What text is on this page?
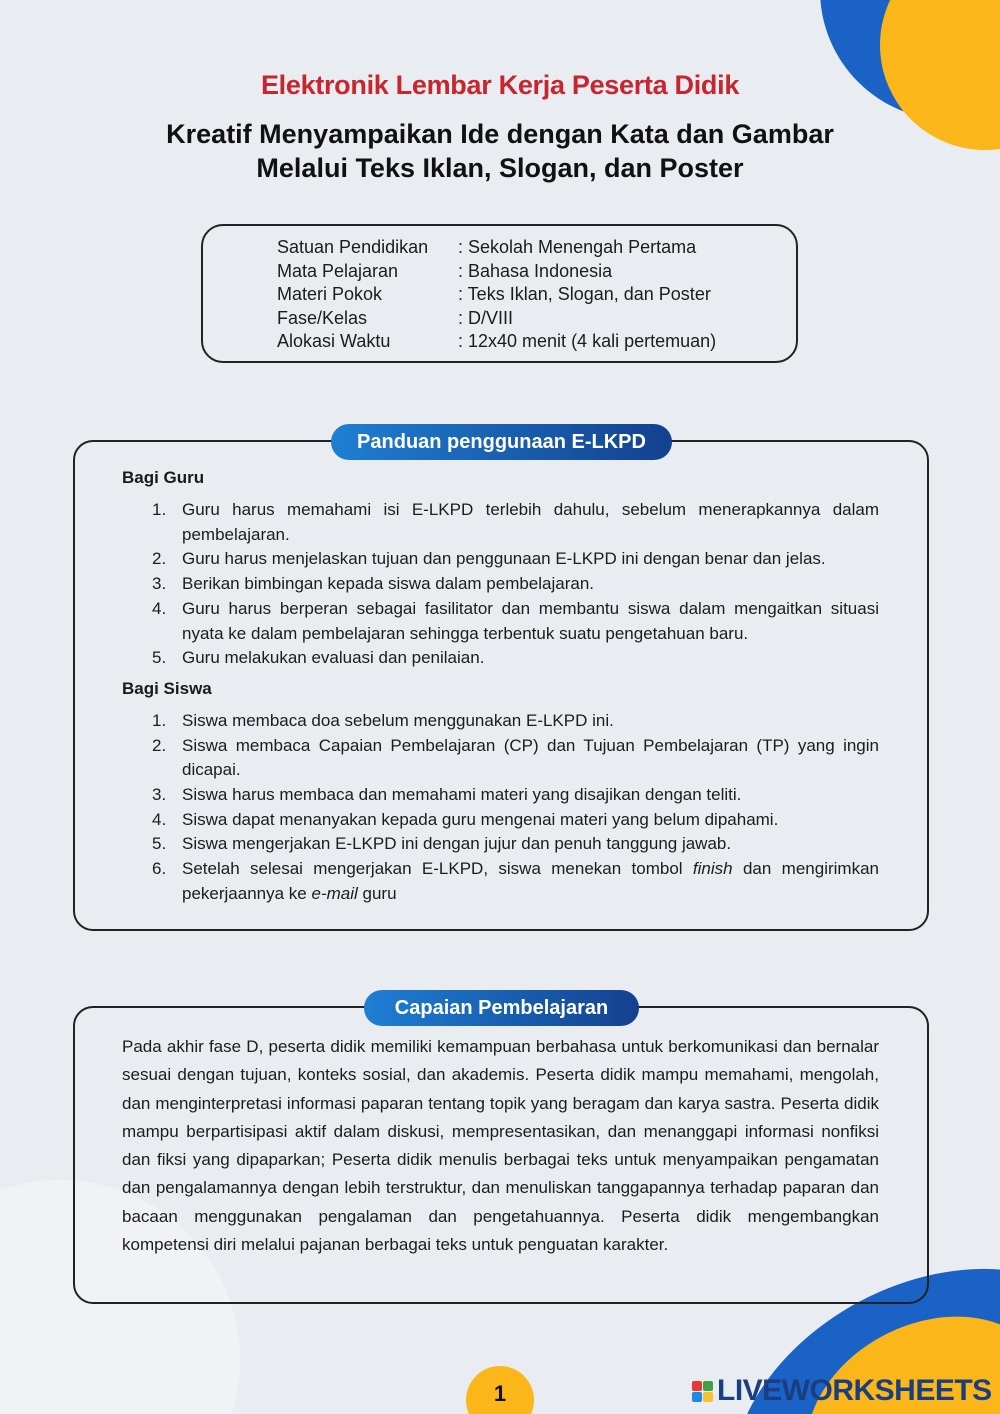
Elektronik Lembar Kerja Peserta Didik
Kreatif Menyampaikan Ide dengan Kata dan Gambar
Melalui Teks Iklan, Slogan, dan Poster
Satuan Pendidikan	: Sekolah Menengah Pertama
Mata Pelajaran	: Bahasa Indonesia
Materi Pokok	: Teks Iklan, Slogan, dan Poster
Fase/Kelas	: D/VIII
Alokasi Waktu	: 12x40 menit (4 kali pertemuan)
Panduan penggunaan E-LKPD
Bagi Guru
1. Guru harus memahami isi E-LKPD terlebih dahulu, sebelum menerapkannya dalam pembelajaran.
2. Guru harus menjelaskan tujuan dan penggunaan E-LKPD ini dengan benar dan jelas.
3. Berikan bimbingan kepada siswa dalam pembelajaran.
4. Guru harus berperan sebagai fasilitator dan membantu siswa dalam mengaitkan situasi nyata ke dalam pembelajaran sehingga terbentuk suatu pengetahuan baru.
5. Guru melakukan evaluasi dan penilaian.
Bagi Siswa
1. Siswa membaca doa sebelum menggunakan E-LKPD ini.
2. Siswa membaca Capaian Pembelajaran (CP) dan Tujuan Pembelajaran (TP) yang ingin dicapai.
3. Siswa harus membaca dan memahami materi yang disajikan dengan teliti.
4. Siswa dapat menanyakan kepada guru mengenai materi yang belum dipahami.
5. Siswa mengerjakan E-LKPD ini dengan jujur dan penuh tanggung jawab.
6. Setelah selesai mengerjakan E-LKPD, siswa menekan tombol finish dan mengirimkan pekerjaannya ke e-mail guru
Capaian Pembelajaran

Pada akhir fase D, peserta didik memiliki kemampuan berbahasa untuk berkomunikasi dan bernalar sesuai dengan tujuan, konteks sosial, dan akademis. Peserta didik mampu memahami, mengolah, dan menginterpretasi informasi paparan tentang topik yang beragam dan karya sastra. Peserta didik mampu berpartisipasi aktif dalam diskusi, mempresentasikan, dan menanggapi informasi nonfiksi dan fiksi yang dipaparkan; Peserta didik menulis berbagai teks untuk menyampaikan pengamatan dan pengalamannya dengan lebih terstruktur, dan menuliskan tanggapannya terhadap paparan dan bacaan menggunakan pengalaman dan pengetahuannya. Peserta didik mengembangkan kompetensi diri melalui pajanan berbagai teks untuk penguatan karakter.

1	LIVEWORKSHEETS
